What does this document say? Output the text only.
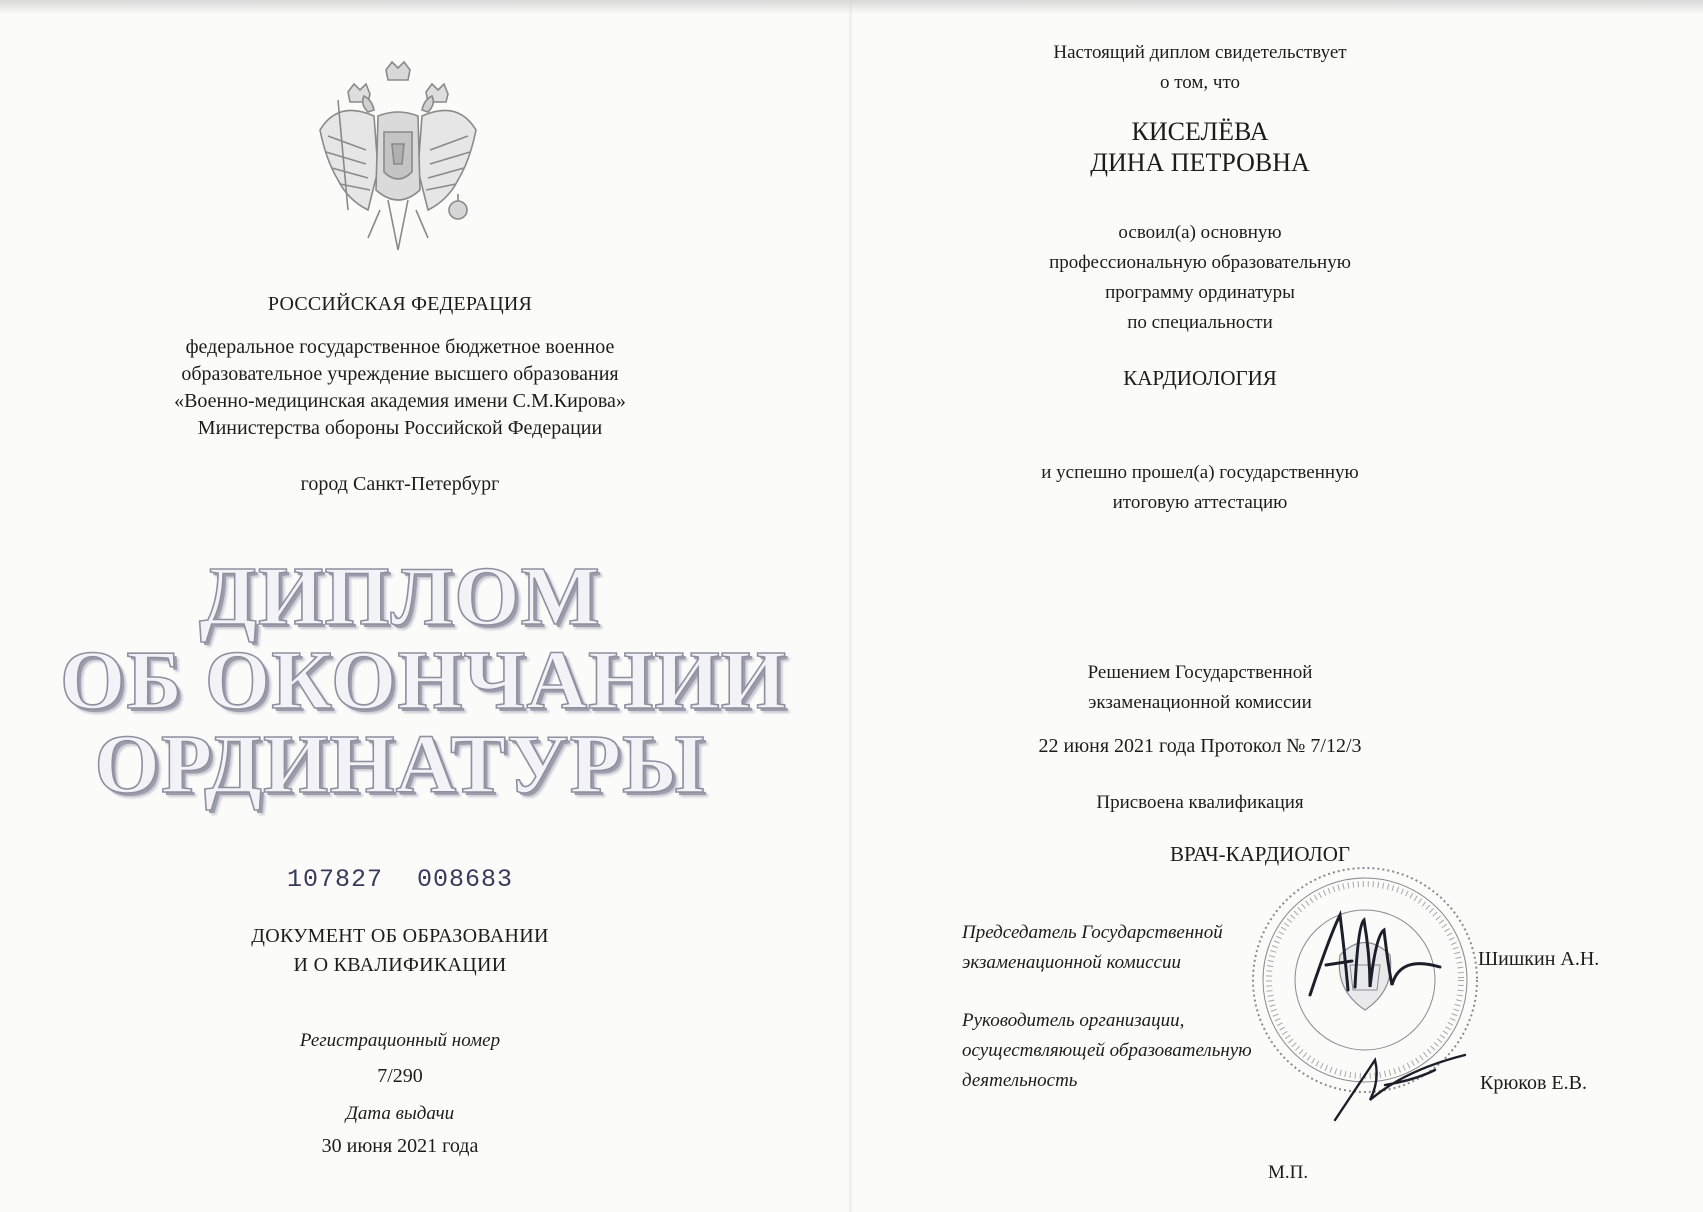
РОССИЙСКАЯ ФЕДЕРАЦИЯ
федеральное государственное бюджетное военное
образовательное учреждение высшего образования
«Военно-медицинская академия имени С.М.Кирова»
Министерства обороны Российской Федерации
город Санкт-Петербург
ДИПЛОМ
ОБ ОКОНЧАНИИ
ОРДИНАТУРЫ
107827 008683
ДОКУМЕНТ ОБ ОБРАЗОВАНИИ
И О КВАЛИФИКАЦИИ
Регистрационный номер
7/290
Дата выдачи
30 июня 2021 года
Настоящий диплом свидетельствует
о том, что
КИСЕЛЁВА
ДИНА ПЕТРОВНА
освоил(а) основную
профессиональную образовательную
программу ординатуры
по специальности
КАРДИОЛОГИЯ
и успешно прошел(а) государственную
итоговую аттестацию
Решением Государственной
экзаменационной комиссии
22 июня 2021 года Протокол № 7/12/3
Присвоена квалификация
ВРАЧ-КАРДИОЛОГ
Председатель Государственной
экзаменационной комиссии	Шишкин А.Н.
Руководитель организации,
осуществляющей образовательную
деятельность	Крюков Е.В.
М.П.
